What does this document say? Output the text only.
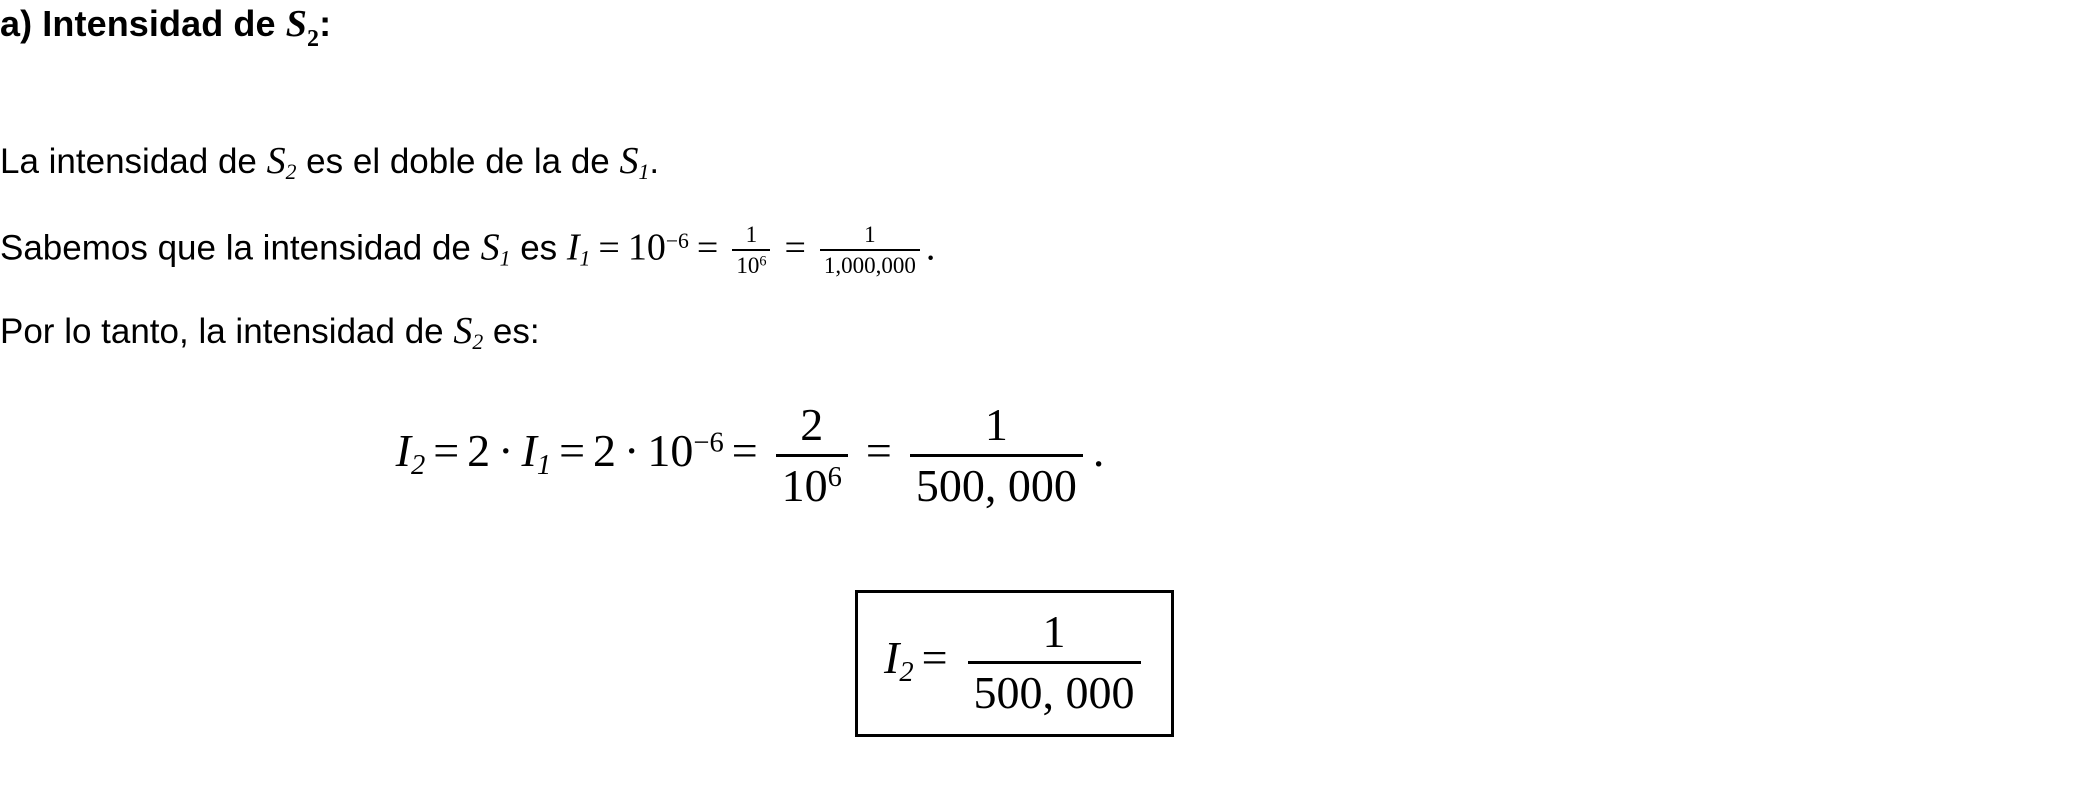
a) Intensidad de $S_2$:
La intensidad de $S_2$ es el doble de la de $S_1$.
Sabemos que la intensidad de $S_1$ es $I_1 = 10^{-6} = \frac{1}{10^6} = \frac{1}{1,000,000}$ .
Por lo tanto, la intensidad de $S_2$ es:
$I_2 = 2 \cdot I_1 = 2 \cdot 10^{-6} = \frac{2}{10^6} = \frac{1}{500, 000}$ .
$I_2 = \frac{1}{500, 000}$
